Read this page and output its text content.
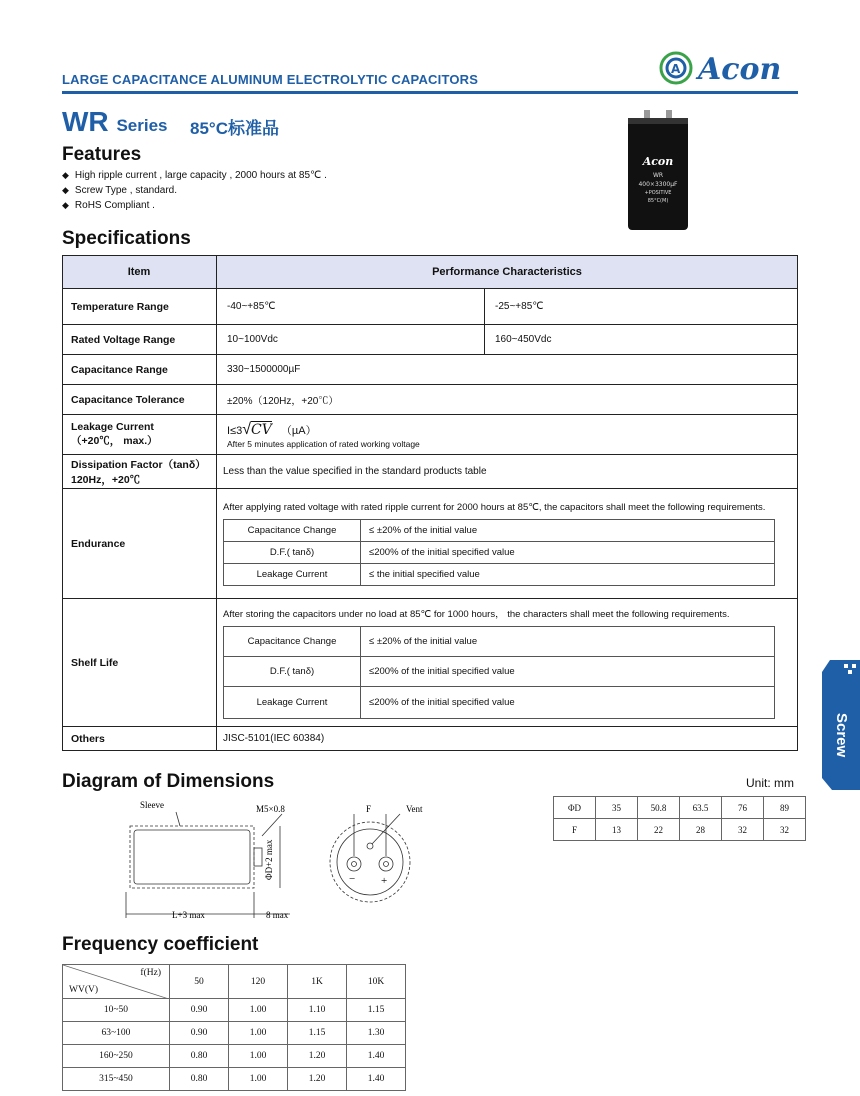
LARGE CAPACITANCE ALUMINUM ELECTROLYTIC CAPACITORS
A Acon
WR Series 85°C标准品
Acon
WR
400×3300µF
+POSITIVE
85°C(M)
Features
◆ High ripple current , large capacity , 2000 hours at 85℃ .
◆ Screw Type , standard.
◆ RoHS Compliant .
Specifications
Item	Performance Characteristics
Temperature Range	-40~+85℃	-25~+85℃
Rated Voltage Range	10~100Vdc	160~450Vdc
Capacitance Range	330~1500000µF
Capacitance Tolerance	±20%（120Hz，+20℃）

Leakage Current
（+20℃， max.）

I≤3√CV （µA）
After 5 minutes application of rated working voltage

Dissipation Factor（tanδ）
120Hz，+20℃
	Less than the value specified in the standard products table
Endurance	
After applying rated voltage with rated ripple current for 2000 hours at 85℃, the capacitors shall meet the following requirements.
Capacitance Change	≤ ±20% of the initial value
D.F.( tanδ)	≤200% of the initial specified value
Leakage Current	≤ the initial specified value

Shelf Life	
After storing the capacitors under no load at 85℃ for 1000 hours， the characters shall meet the following requirements.
Capacitance Change	≤ ±20% of the initial value
D.F.( tanδ)	≤200% of the initial specified value
Leakage Current	≤200% of the initial specified value

Others	JISC-5101(IEC 60384)
Diagram of Dimensions	Unit: mm
Sleeve	M5×0.8
ΦD+2 max
L+3 max	8 max
F	Vent
− +
ΦD	35	50.8	63.5	76	89
F	13	22	28	32	32
Frequency coefficient
f(Hz)
WV(V)	50	120	1K	10K
10~50	0.90	1.00	1.10	1.15
63~100	0.90	1.00	1.15	1.30
160~250	0.80	1.00	1.20	1.40
315~450	0.80	1.00	1.20	1.40
Screw
